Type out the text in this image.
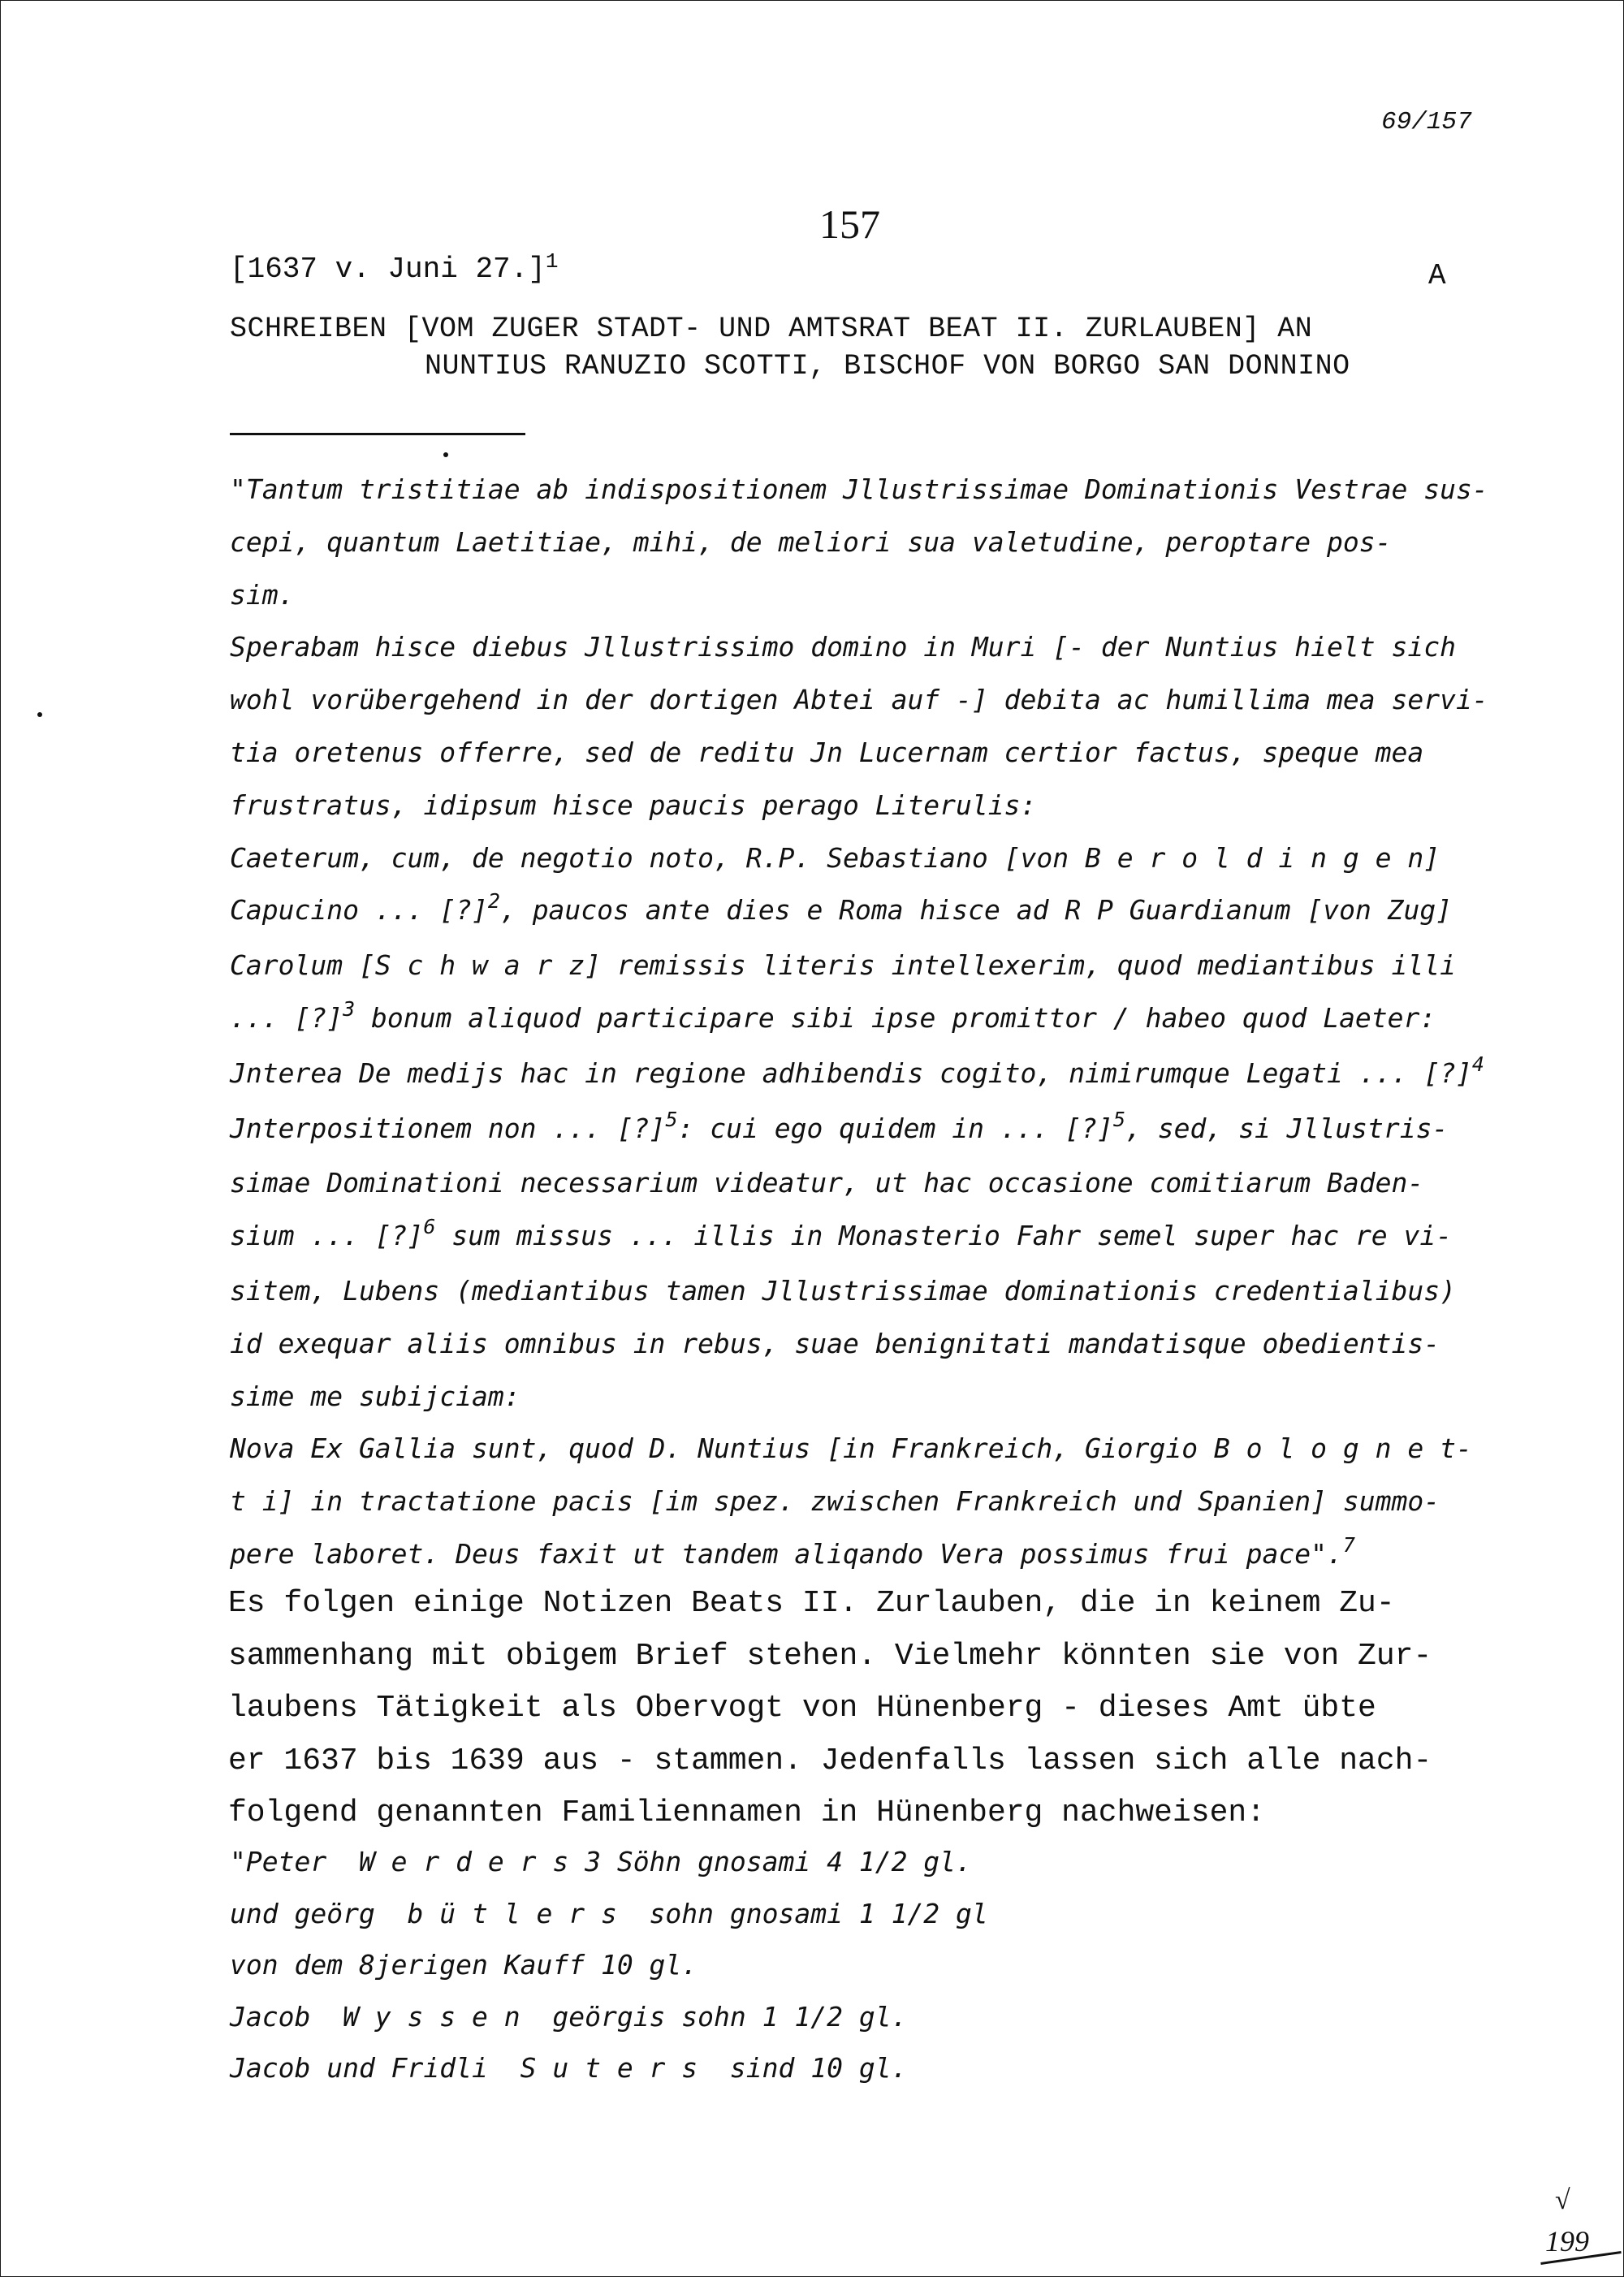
69/157
157
[1637 v. Juni 27.]$^1$	A
SCHREIBEN [VOM ZUGER STADT- UND AMTSRAT BEAT II. ZURLAUBEN] AN
NUNTIUS RANUZIO SCOTTI, BISCHOF VON BORGO SAN DONNINO
"Tantum tristitiae ab indispositionem Jllustrissimae Dominationis Vestrae sus-
cepi, quantum Laetitiae, mihi, de meliori sua valetudine, peroptare pos-
sim.
Sperabam hisce diebus Jllustrissimo domino in Muri [- der Nuntius hielt sich
wohl vorübergehend in der dortigen Abtei auf -] debita ac humillima mea servi-
tia oretenus offerre, sed de reditu Jn Lucernam certior factus, speque mea
frustratus, idipsum hisce paucis perago Literulis:
Caeterum, cum, de negotio noto, R.P. Sebastiano [von B e r o l d i n g e n]
Capucino ... [?]$^2$, paucos ante dies e Roma hisce ad R P Guardianum [von Zug]
Carolum [S c h w a r z] remissis literis intellexerim, quod mediantibus illi
... [?]$^3$ bonum aliquod participare sibi ipse promittor / habeo quod Laeter:
Jnterea De medijs hac in regione adhibendis cogito, nimirumque Legati ... [?]$^4$
Jnterpositionem non ... [?]$^5$: cui ego quidem in ... [?]$^5$, sed, si Jllustris-
simae Dominationi necessarium videatur, ut hac occasione comitiarum Baden-
sium ... [?]$^6$ sum missus ... illis in Monasterio Fahr semel super hac re vi-
sitem, Lubens (mediantibus tamen Jllustrissimae dominationis credentialibus)
id exequar aliis omnibus in rebus, suae benignitati mandatisque obedientis-
sime me subijciam:
Nova Ex Gallia sunt, quod D. Nuntius [in Frankreich, Giorgio B o l o g n e t-
t i] in tractatione pacis [im spez. zwischen Frankreich und Spanien] summo-
pere laboret. Deus faxit ut tandem aliqando Vera possimus frui pace".$^7$
Es folgen einige Notizen Beats II. Zurlauben, die in keinem Zu-
sammenhang mit obigem Brief stehen. Vielmehr könnten sie von Zur-
laubens Tätigkeit als Obervogt von Hünenberg - dieses Amt übte
er 1637 bis 1639 aus - stammen. Jedenfalls lassen sich alle nach-
folgend genannten Familiennamen in Hünenberg nachweisen:
"Peter  W e r d e r s 3 Söhn gnosami 4 1/2 gl.
und geörg  b ü t l e r s  sohn gnosami 1 1/2 gl
von dem 8jerigen Kauff 10 gl.
Jacob  W y s s e n  geörgis sohn 1 1/2 gl.
Jacob und Fridli  S u t e r s  sind 10 gl.
√
199
